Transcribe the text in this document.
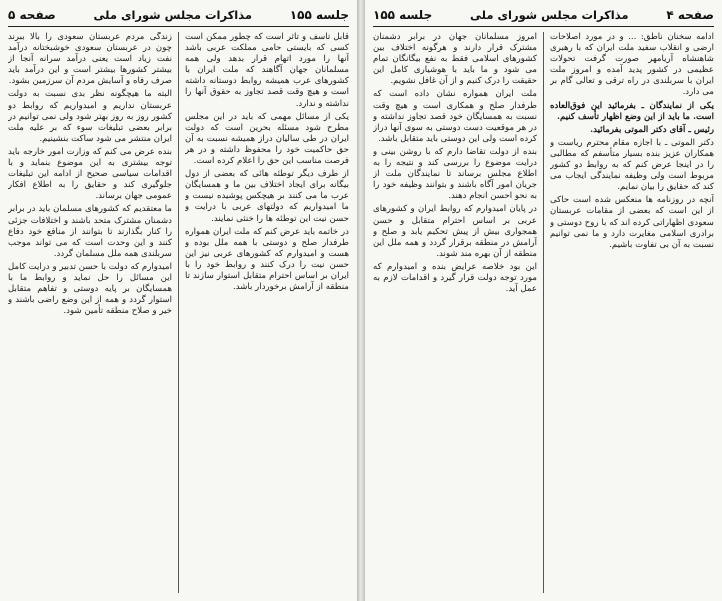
جلسه ۱۵۵
مذاکرات مجلس شورای ملی
صفحه ۵

قابل تأسف و تأثر است که چطور ممکن است کسی که بایستی حامی مملکت عربی باشد آنها را مورد اتهام قرار بدهد ولی همه مسلمانان جهان آگاهند که ملت ایران با کشورهای عرب همیشه روابط دوستانه داشته است و هیچ وقت قصد تجاوز به حقوق آنها را نداشته و ندارد.

یکی از مسائل مهمی که باید در این مجلس مطرح شود مسئله بحرین است که دولت ایران در طی سالیان دراز همیشه نسبت به آن حق حاکمیت خود را محفوظ داشته و در هر فرصت مناسب این حق را اعلام کرده است.

از طرف دیگر توطئه هائی که بعضی از دول بیگانه برای ایجاد اختلاف بین ما و همسایگان عرب ما می کنند بر هیچکس پوشیده نیست و ما امیدواریم که دولتهای عربی با درایت و حسن نیت این توطئه ها را خنثی نمایند.

در خاتمه باید عرض کنم که ملت ایران همواره طرفدار صلح و دوستی با همه ملل بوده و هست و امیدوارم که کشورهای عربی نیز این حسن نیت را درک کنند و روابط خود را با ایران بر اساس احترام متقابل استوار سازند تا منطقه از آرامش برخوردار باشد.

زندگی مردم عربستان سعودی را بالا ببرند چون در عربستان سعودی خوشبختانه درآمد نفت زیاد است یعنی درآمد سرانه آنجا از بیشتر کشورها بیشتر است و این درآمد باید صرف رفاه و آسایش مردم آن سرزمین بشود.

البته ما هیچگونه نظر بدی نسبت به دولت عربستان نداریم و امیدواریم که روابط دو کشور روز به روز بهتر شود ولی نمی توانیم در برابر بعضی تبلیغات سوء که بر علیه ملت ایران منتشر می شود ساکت بنشینیم.

بنده عرض می کنم که وزارت امور خارجه باید توجه بیشتری به این موضوع بنماید و با اقدامات سیاسی صحیح از ادامه این تبلیغات جلوگیری کند و حقایق را به اطلاع افکار عمومی جهان برساند.

ما معتقدیم که کشورهای مسلمان باید در برابر دشمنان مشترک متحد باشند و اختلافات جزئی را کنار بگذارند تا بتوانند از منافع خود دفاع کنند و این وحدت است که می تواند موجب سربلندی همه ملل مسلمان گردد.

امیدوارم که دولت با حسن تدبیر و درایت کامل این مسائل را حل نماید و روابط ما با همسایگان بر پایه دوستی و تفاهم متقابل استوار گردد و همه از این وضع راضی باشند و خیر و صلاح منطقه تأمین شود.

صفحه ۴
مذاکرات مجلس شورای ملی
جلسه ۱۵۵

ادامه سخنان ناطق: ... و در مورد اصلاحات ارضی و انقلاب سفید ملت ایران که با رهبری شاهنشاه آریامهر صورت گرفت تحولات عظیمی در کشور پدید آمده و امروز ملت ایران با سربلندی در راه ترقی و تعالی گام بر می دارد.

یکی از نمایندگان ـ بفرمائید این فوق‌العاده است. ما باید از این وضع اظهار تأسف کنیم.

رئیس ـ آقای دکتر الموتی بفرمائید.

دکتر الموتی ـ با اجازه مقام محترم ریاست و همکاران عزیز بنده بسیار متأسفم که مطالبی را در اینجا عرض کنم که به روابط دو کشور مربوط است ولی وظیفه نمایندگی ایجاب می کند که حقایق را بیان نمایم.

آنچه در روزنامه ها منعکس شده است حاکی از این است که بعضی از مقامات عربستان سعودی اظهاراتی کرده اند که با روح دوستی و برادری اسلامی مغایرت دارد و ما نمی توانیم نسبت به آن بی تفاوت باشیم.

امروز مسلمانان جهان در برابر دشمنان مشترک قرار دارند و هرگونه اختلاف بین کشورهای اسلامی فقط به نفع بیگانگان تمام می شود و ما باید با هوشیاری کامل این حقیقت را درک کنیم و از آن غافل نشویم.

ملت ایران همواره نشان داده است که طرفدار صلح و همکاری است و هیچ وقت نسبت به همسایگان خود قصد تجاوز نداشته و در هر موقعیت دست دوستی به سوی آنها دراز کرده است ولی این دوستی باید متقابل باشد.

بنده از دولت تقاضا دارم که با روشن بینی و درایت موضوع را بررسی کند و نتیجه را به اطلاع مجلس برساند تا نمایندگان ملت از جریان امور آگاه باشند و بتوانند وظیفه خود را به نحو احسن انجام دهند.

در پایان امیدوارم که روابط ایران و کشورهای عربی بر اساس احترام متقابل و حسن همجواری بیش از پیش تحکیم یابد و صلح و آرامش در منطقه برقرار گردد و همه ملل این منطقه از آن بهره مند شوند.

این بود خلاصه عرایض بنده و امیدوارم که مورد توجه دولت قرار گیرد و اقدامات لازم به عمل آید.
